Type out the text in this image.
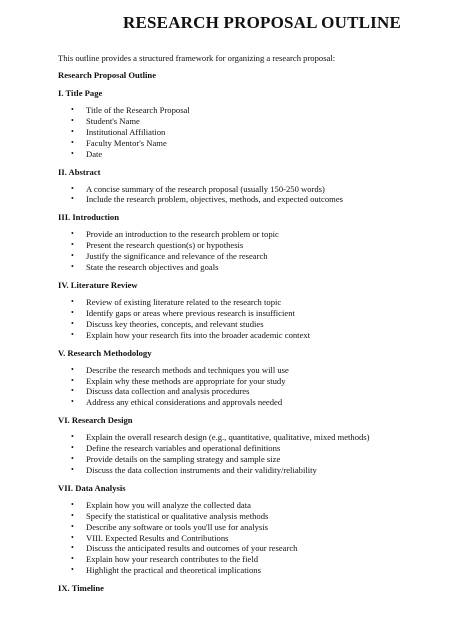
RESEARCH PROPOSAL OUTLINE
This outline provides a structured framework for organizing a research proposal:
Research Proposal Outline
I. Title Page
• Title of the Research Proposal
• Student's Name
• Institutional Affiliation
• Faculty Mentor's Name
• Date
II. Abstract
• A concise summary of the research proposal (usually 150-250 words)
• Include the research problem, objectives, methods, and expected outcomes
III. Introduction
• Provide an introduction to the research problem or topic
• Present the research question(s) or hypothesis
• Justify the significance and relevance of the research
• State the research objectives and goals
IV. Literature Review
• Review of existing literature related to the research topic
• Identify gaps or areas where previous research is insufficient
• Discuss key theories, concepts, and relevant studies
• Explain how your research fits into the broader academic context
V. Research Methodology
• Describe the research methods and techniques you will use
• Explain why these methods are appropriate for your study
• Discuss data collection and analysis procedures
• Address any ethical considerations and approvals needed
VI. Research Design
• Explain the overall research design (e.g., quantitative, qualitative, mixed methods)
• Define the research variables and operational definitions
• Provide details on the sampling strategy and sample size
• Discuss the data collection instruments and their validity/reliability
VII. Data Analysis
• Explain how you will analyze the collected data
• Specify the statistical or qualitative analysis methods
• Describe any software or tools you'll use for analysis
• VIII. Expected Results and Contributions
• Discuss the anticipated results and outcomes of your research
• Explain how your research contributes to the field
• Highlight the practical and theoretical implications
IX. Timeline
